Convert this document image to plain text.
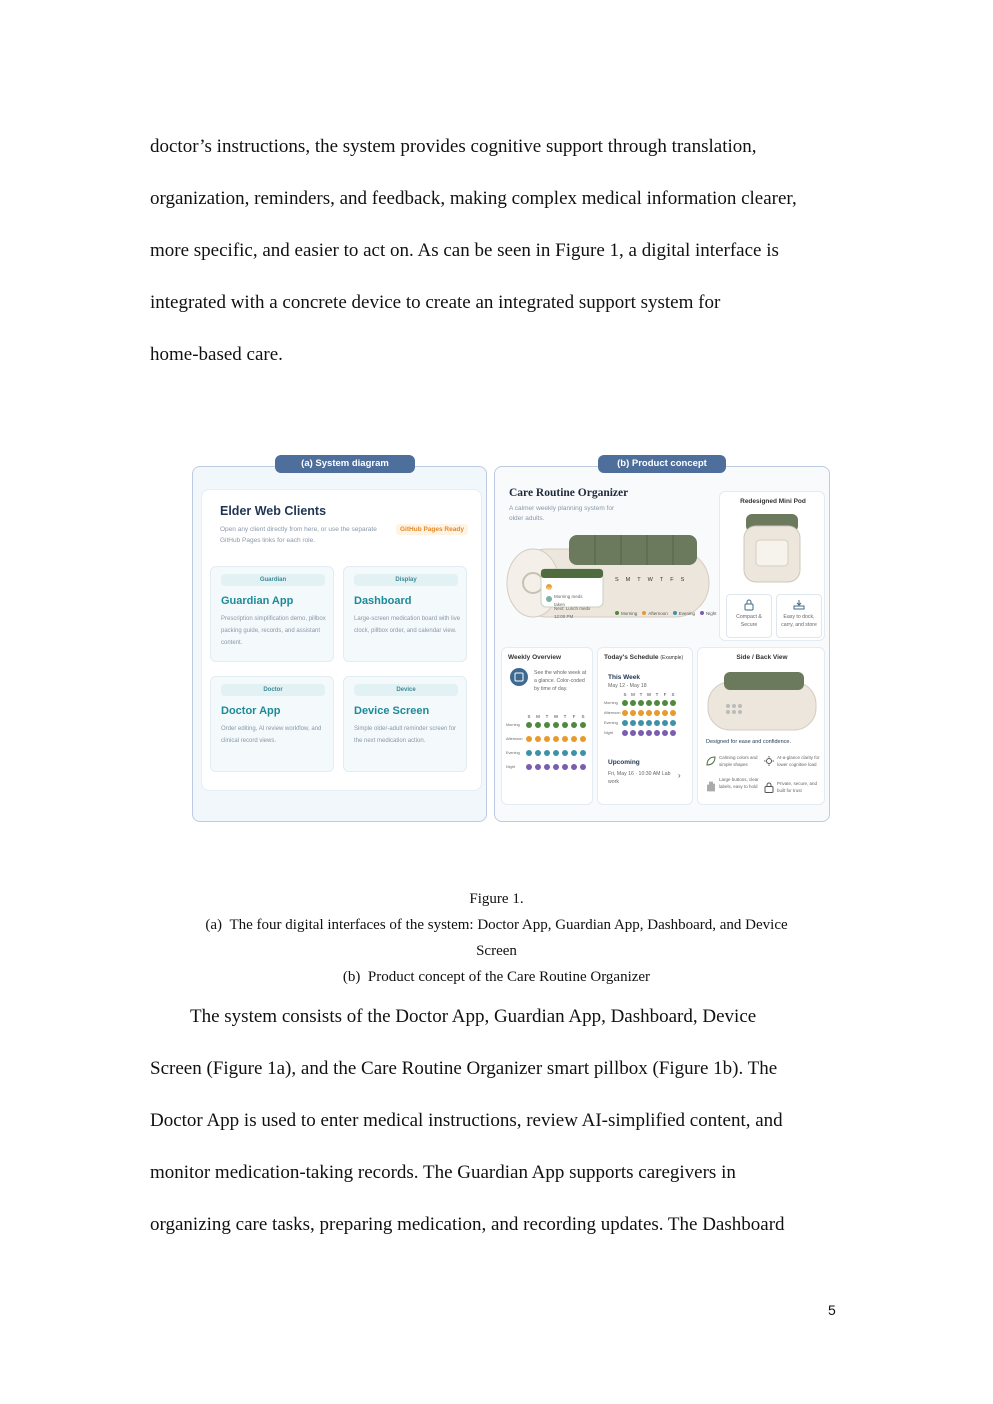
doctor’s instructions, the system provides cognitive support through translation,
organization, reminders, and feedback, making complex medical information clearer,
more specific, and easier to act on. As can be seen in Figure 1, a digital interface is
integrated with a concrete device to create an integrated support system for
home-based care.

(a) System diagram
Elder Web Clients
Open any client directly from here, or use the separate GitHub Pages links for each role.
GitHub Pages Ready
Guardian
Guardian App
Prescription simplification demo, pillbox packing guide, records, and assistant content.
Display
Dashboard
Large-screen medication board with live clock, pillbox order, and calendar view.
Doctor
Doctor App
Order editing, AI review workflow, and clinical record views.
Device
Device Screen
Simple older-adult reminder screen for the next medication action.
(b) Product concept
Care Routine Organizer
A calmer weekly planning system for older adults.
Good morning, Eliza
Morning meds taken
Next: Lunch meds 12:00 PM
S M T W T F S
Morning	Afternoon	Evening	Night
Redesigned Mini Pod
Compact & Secure
Easy to dock, carry, and store
Weekly Overview
See the whole week at a glance. Color-coded by time of day.
S	M	T	W	T	F	S
Morning
Afternoon
Evening
Night
Today's Schedule (Example)
This Week
May 12 - May 18
S	M	T	W	T	F	S
Morning
Afternoon
Evening
Night
Upcoming
Fri, May 16 · 10:30 AM Lab work
›
Side / Back View
Designed for ease and confidence.
Calming colors and simple shapes
At-a-glance clarity for lower cognitive load
Large buttons, clear labels, easy to hold
Private, secure, and built for trust
Figure 1.
(a) The four digital interfaces of the system: Doctor App, Guardian App, Dashboard, and Device
Screen
(b) Product concept of the Care Routine Organizer

The system consists of the Doctor App, Guardian App, Dashboard, Device
Screen (Figure 1a), and the Care Routine Organizer smart pillbox (Figure 1b). The
Doctor App is used to enter medical instructions, review AI-simplified content, and
monitor medication-taking records. The Guardian App supports caregivers in
organizing care tasks, preparing medication, and recording updates. The Dashboard

5
